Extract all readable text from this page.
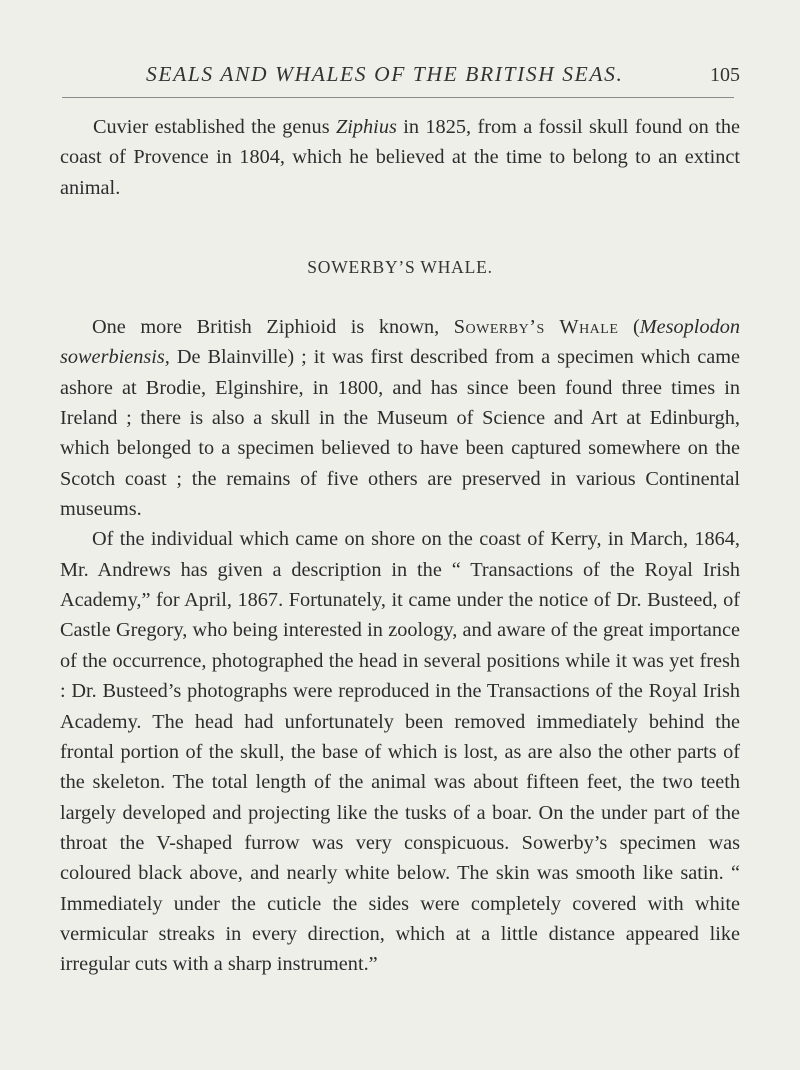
SEALS AND WHALES OF THE BRITISH SEAS.	105

Cuvier established the genus Ziphius in 1825, from a fossil skull found on the coast of Provence in 1804, which he believed at the time to belong to an extinct animal.

SOWERBY’S WHALE.

One more British Ziphioid is known, Sowerby’s Whale (Mesoplodon sowerbiensis, De Blainville) ; it was first described from a specimen which came ashore at Brodie, Elginshire, in 1800, and has since been found three times in Ireland ; there is also a skull in the Museum of Science and Art at Edinburgh, which belonged to a specimen believed to have been captured somewhere on the Scotch coast ; the remains of five others are preserved in various Continental museums.

Of the individual which came on shore on the coast of Kerry, in March, 1864, Mr. Andrews has given a description in the “ Transactions of the Royal Irish Academy,” for April, 1867. Fortunately, it came under the notice of Dr. Busteed, of Castle Gregory, who being interested in zoology, and aware of the great importance of the occurrence, photographed the head in several positions while it was yet fresh : Dr. Busteed’s photographs were reproduced in the Transactions of the Royal Irish Academy. The head had unfortunately been removed immediately behind the frontal portion of the skull, the base of which is lost, as are also the other parts of the skeleton. The total length of the animal was about fifteen feet, the two teeth largely developed and projecting like the tusks of a boar. On the under part of the throat the V-shaped furrow was very conspicuous. Sowerby’s specimen was coloured black above, and nearly white below. The skin was smooth like satin. “ Immediately under the cuticle the sides were completely covered with white vermicular streaks in every direction, which at a little distance appeared like irregular cuts with a sharp instrument.”
